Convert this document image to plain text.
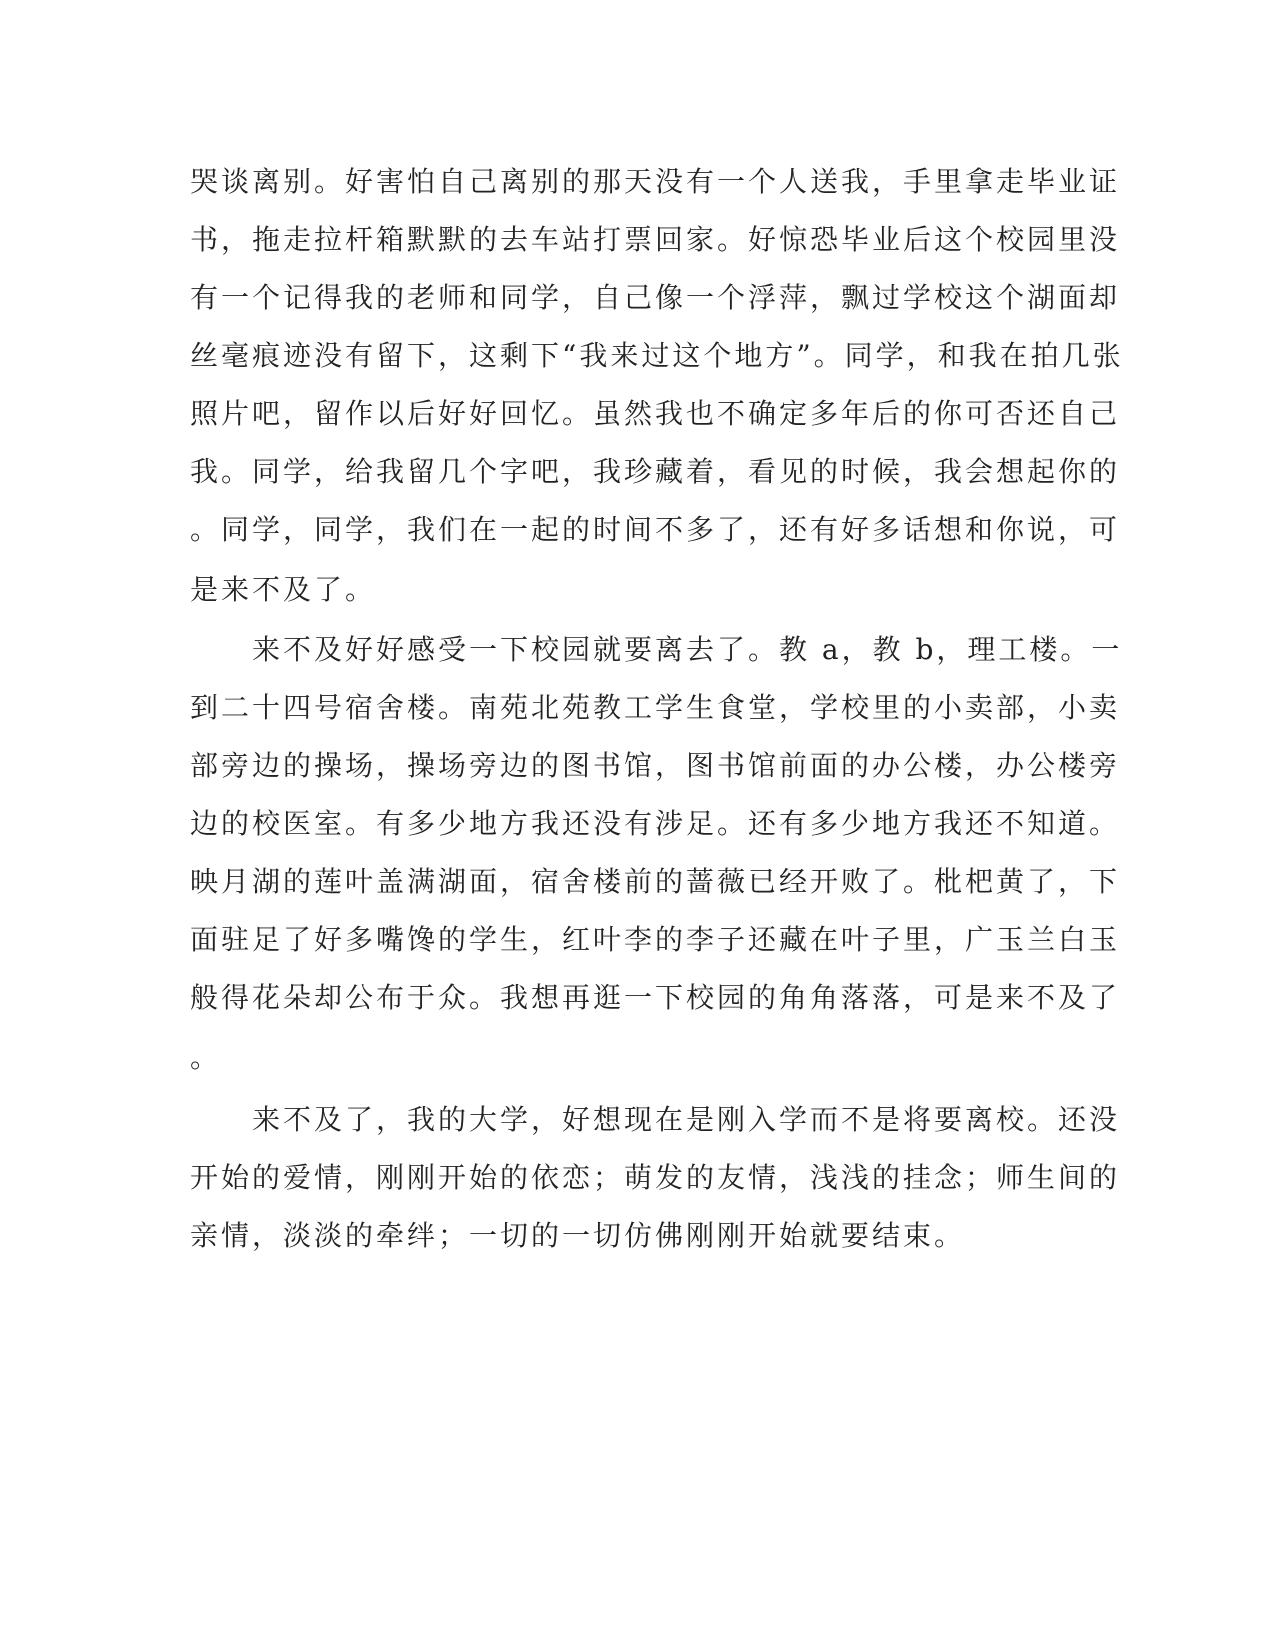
哭谈离别。好害怕自己离别的那天没有一个人送我，手里拿走毕业证
书，拖走拉杆箱默默的去车站打票回家。好惊恐毕业后这个校园里没
有一个记得我的老师和同学，自己像一个浮萍，飘过学校这个湖面却
丝毫痕迹没有留下，这剩下“我来过这个地方”。同学，和我在拍几张
照片吧，留作以后好好回忆。虽然我也不确定多年后的你可否还自己
我。同学，给我留几个字吧，我珍藏着，看见的时候，我会想起你的
。同学，同学，我们在一起的时间不多了，还有好多话想和你说，可
是来不及了。
来不及好好感受一下校园就要离去了。教 a，教 b，理工楼。一
到二十四号宿舍楼。南苑北苑教工学生食堂，学校里的小卖部，小卖
部旁边的操场，操场旁边的图书馆，图书馆前面的办公楼，办公楼旁
边的校医室。有多少地方我还没有涉足。还有多少地方我还不知道。
映月湖的莲叶盖满湖面，宿舍楼前的蔷薇已经开败了。枇杷黄了，下
面驻足了好多嘴馋的学生，红叶李的李子还藏在叶子里，广玉兰白玉
般得花朵却公布于众。我想再逛一下校园的角角落落，可是来不及了
。
来不及了，我的大学，好想现在是刚入学而不是将要离校。还没
开始的爱情，刚刚开始的依恋；萌发的友情，浅浅的挂念；师生间的
亲情，淡淡的牵绊；一切的一切仿佛刚刚开始就要结束。
